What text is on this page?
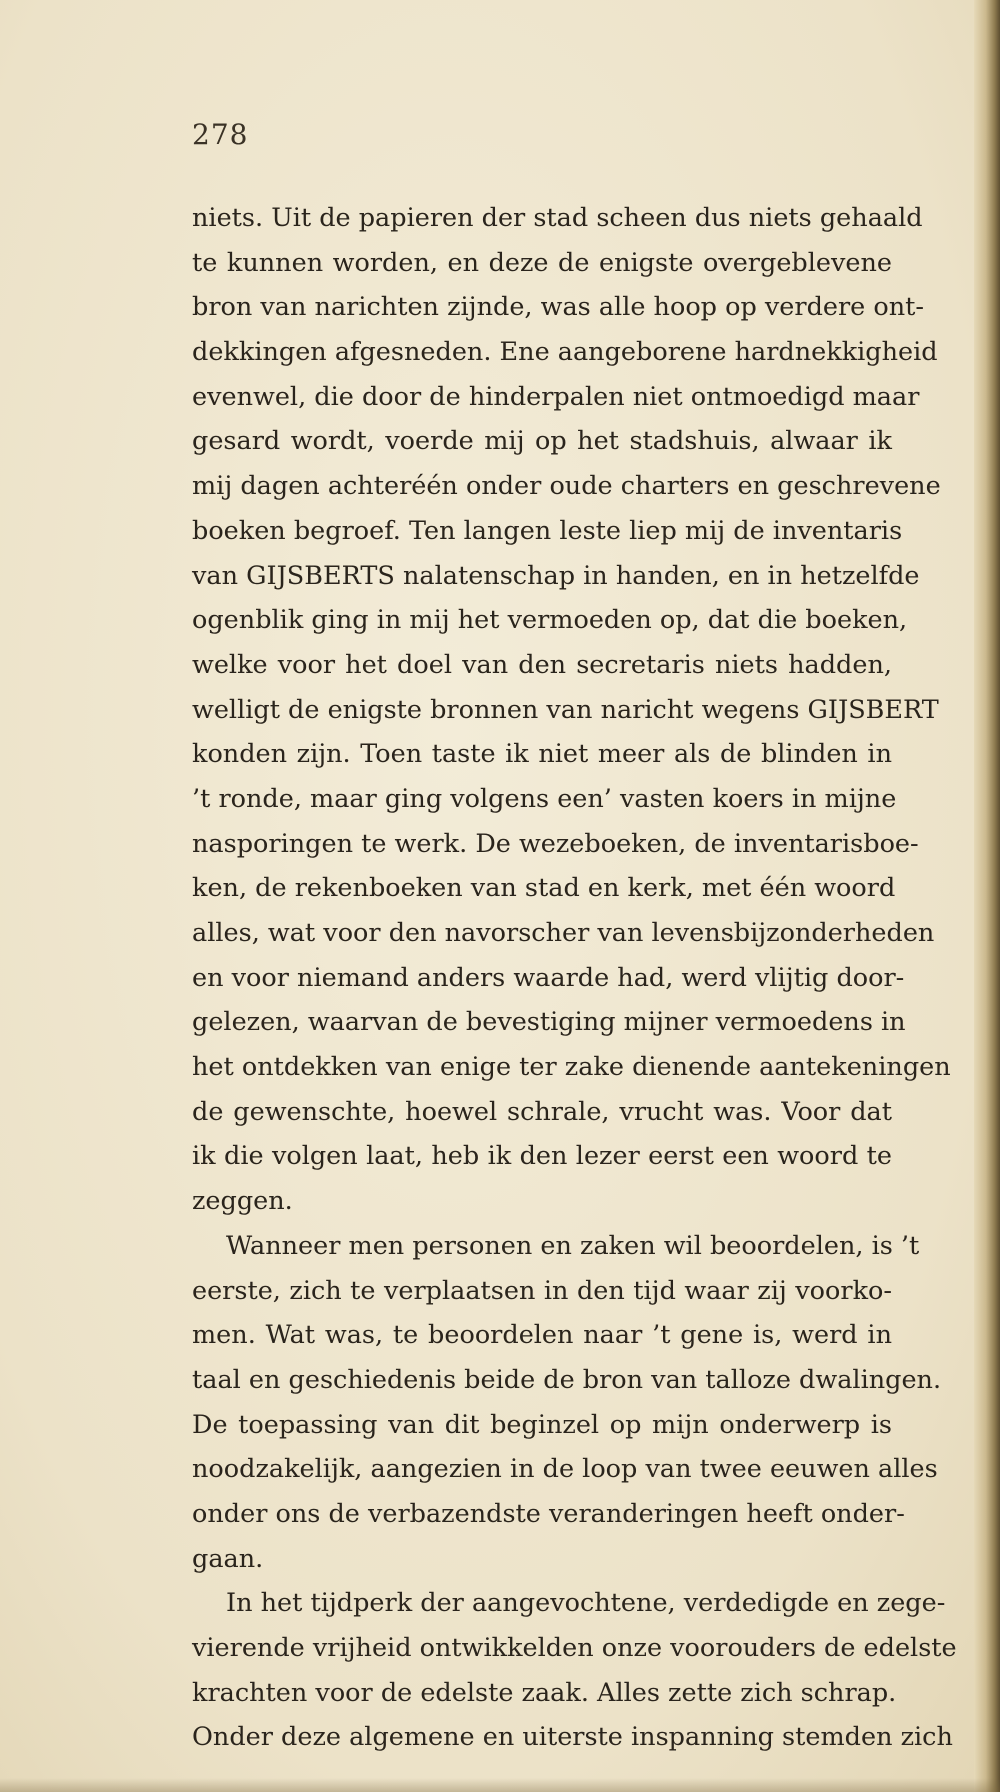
278
niets. Uit de papieren der stad scheen dus niets gehaald
te kunnen worden, en deze de enigste overgeblevene
bron van narichten zijnde, was alle hoop op verdere ont-
dekkingen afgesneden. Ene aangeborene hardnekkigheid
evenwel, die door de hinderpalen niet ontmoedigd maar
gesard wordt, voerde mij op het stadshuis, alwaar ik
mij dagen achteréén onder oude charters en geschrevene
boeken begroef. Ten langen leste liep mij de inventaris
van GIJSBERTS nalatenschap in handen, en in hetzelfde
ogenblik ging in mij het vermoeden op, dat die boeken,
welke voor het doel van den secretaris niets hadden,
welligt de enigste bronnen van naricht wegens GIJSBERT
konden zijn. Toen taste ik niet meer als de blinden in
’t ronde, maar ging volgens een’ vasten koers in mijne
nasporingen te werk. De wezeboeken, de inventarisboe-
ken, de rekenboeken van stad en kerk, met één woord
alles, wat voor den navorscher van levensbijzonderheden
en voor niemand anders waarde had, werd vlijtig door-
gelezen, waarvan de bevestiging mijner vermoedens in
het ontdekken van enige ter zake dienende aantekeningen
de gewenschte, hoewel schrale, vrucht was. Voor dat
ik die volgen laat, heb ik den lezer eerst een woord te
zeggen.
Wanneer men personen en zaken wil beoordelen, is ’t
eerste, zich te verplaatsen in den tijd waar zij voorko-
men. Wat was, te beoordelen naar ’t gene is, werd in
taal en geschiedenis beide de bron van talloze dwalingen.
De toepassing van dit beginzel op mijn onderwerp is
noodzakelijk, aangezien in de loop van twee eeuwen alles
onder ons de verbazendste veranderingen heeft onder-
gaan.
In het tijdperk der aangevochtene, verdedigde en zege-
vierende vrijheid ontwikkelden onze voorouders de edelste
krachten voor de edelste zaak. Alles zette zich schrap.
Onder deze algemene en uiterste inspanning stemden zich
